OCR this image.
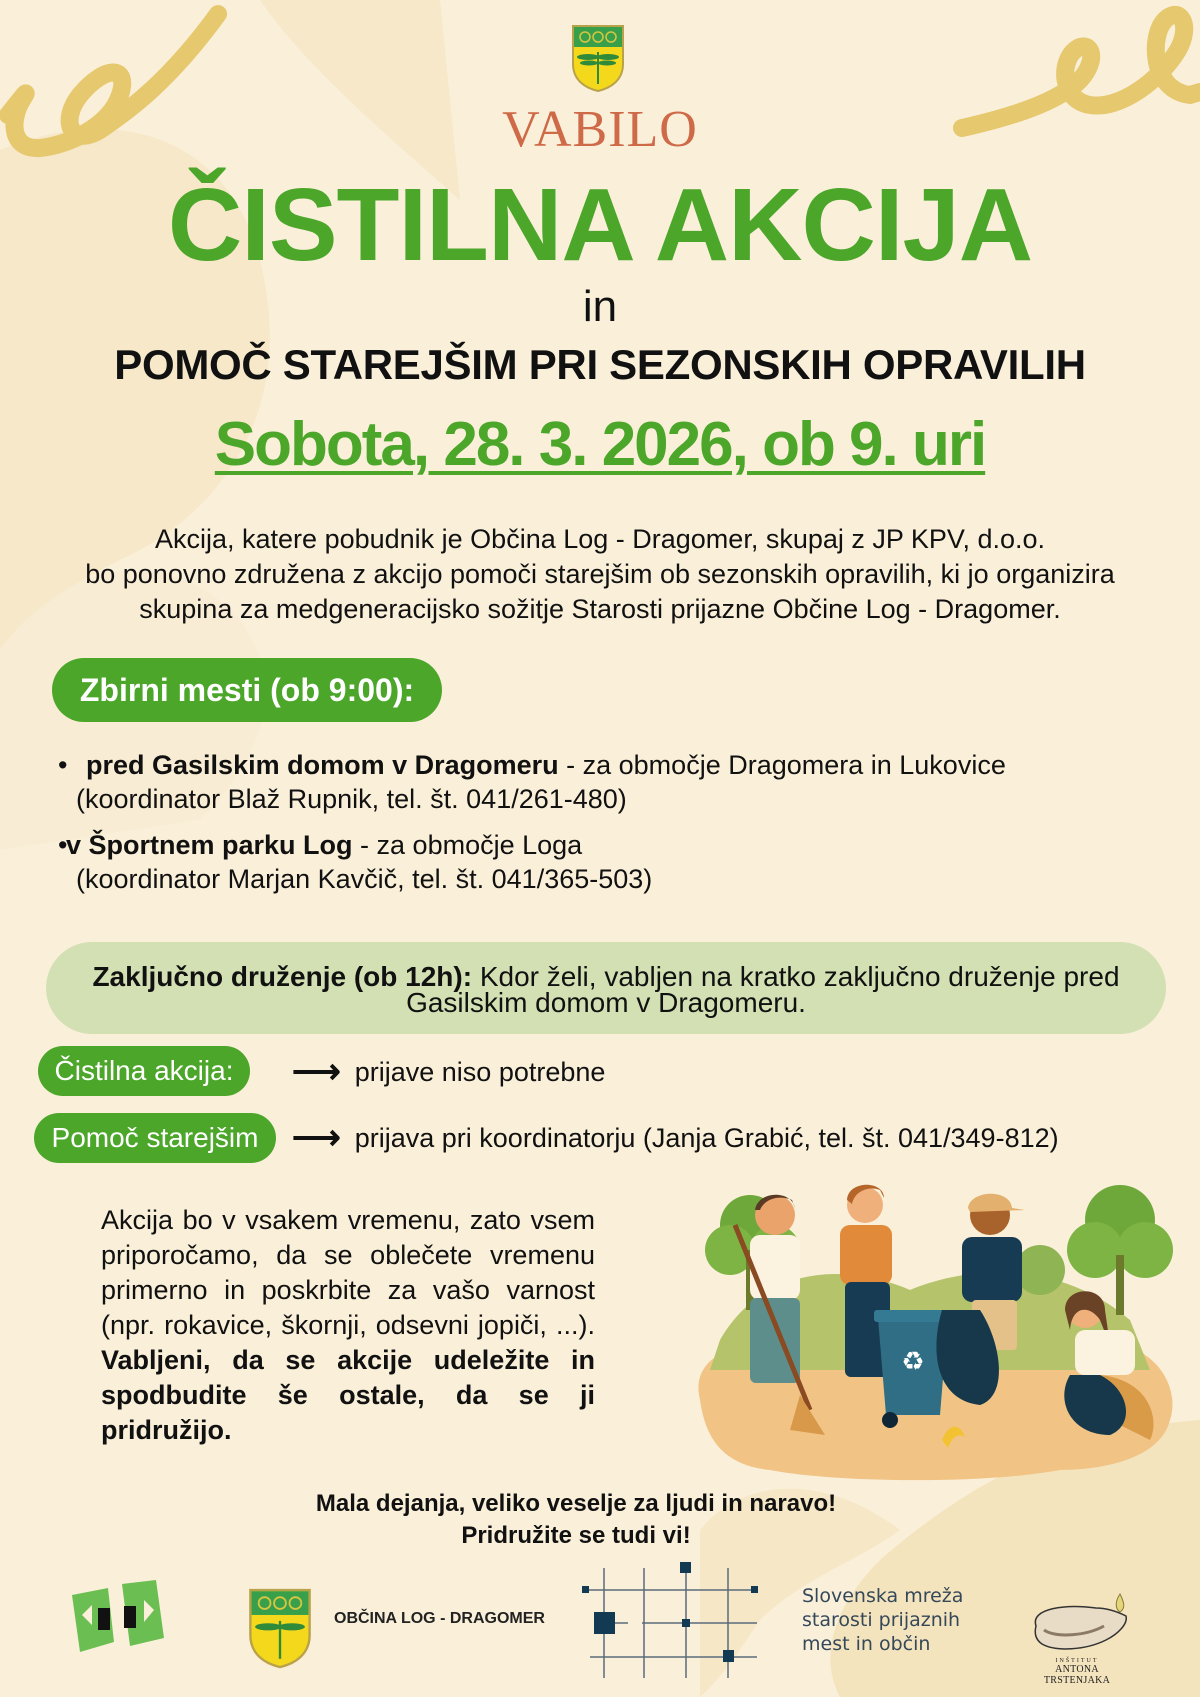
VABILO
ČISTILNA AKCIJA
in
POMOČ STAREJŠIM PRI SEZONSKIH OPRAVILIH
Sobota, 28. 3. 2026, ob 9. uri
Akcija, katere pobudnik je Občina Log - Dragomer, skupaj z JP KPV, d.o.o.
bo ponovno združena z akcijo pomoči starejšim ob sezonskih opravilih, ki jo organizira
skupina za medgeneracijsko sožitje Starosti prijazne Občine Log - Dragomer.
Zbirni mesti (ob 9:00):
• pred Gasilskim domom v Dragomeru - za območje Dragomera in Lukovice
(koordinator Blaž Rupnik, tel. št. 041/261-480)
•
v Športnem parku Log - za območje Loga
(koordinator Marjan Kavčič, tel. št. 041/365-503)
Zaključno druženje (ob 12h): Kdor želi, vabljen na kratko zaključno druženje pred
Gasilskim domom v Dragomeru.
Čistilna akcija:	⟶ prijave niso potrebne
Pomoč starejšim ⟶ prijava pri koordinatorju (Janja Grabić, tel. št. 041/349-812)

Akcija bo v vsakem vremenu, zato vsem priporočamo, da se oblečete vremenu primerno in poskrbite za vašo varnost (npr. rokavice, škornji, odsevni jopiči, ...). Vabljeni, da se akcije udeležite in spodbudite še ostale, da se ji pridružijo.

♻
Mala dejanja, veliko veselje za ljudi in naravo!
Pridružite se tudi vi!
OBČINA LOG - DRAGOMER
Slovenska mreža
starosti prijaznih
mest in občin
INŠTITUT
ANTONA TRSTENJAKA
